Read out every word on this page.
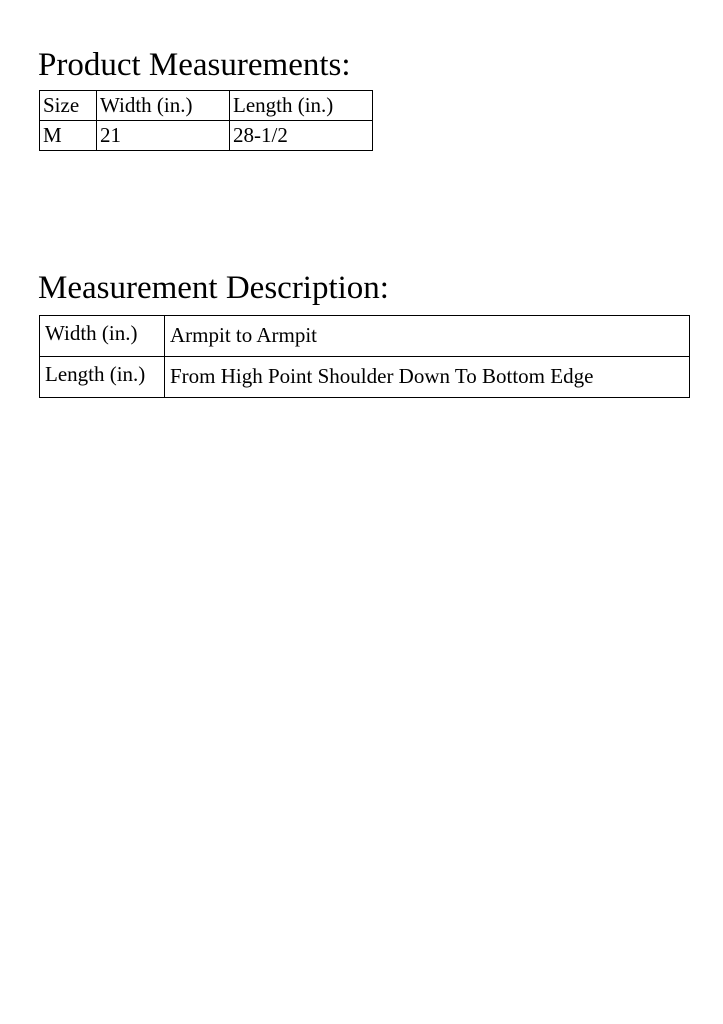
Product Measurements:
Size	Width (in.)	Length (in.)
M	21	28-1/2
Measurement Description:
Width (in.)	Armpit to Armpit
Length (in.)	From High Point Shoulder Down To Bottom Edge
